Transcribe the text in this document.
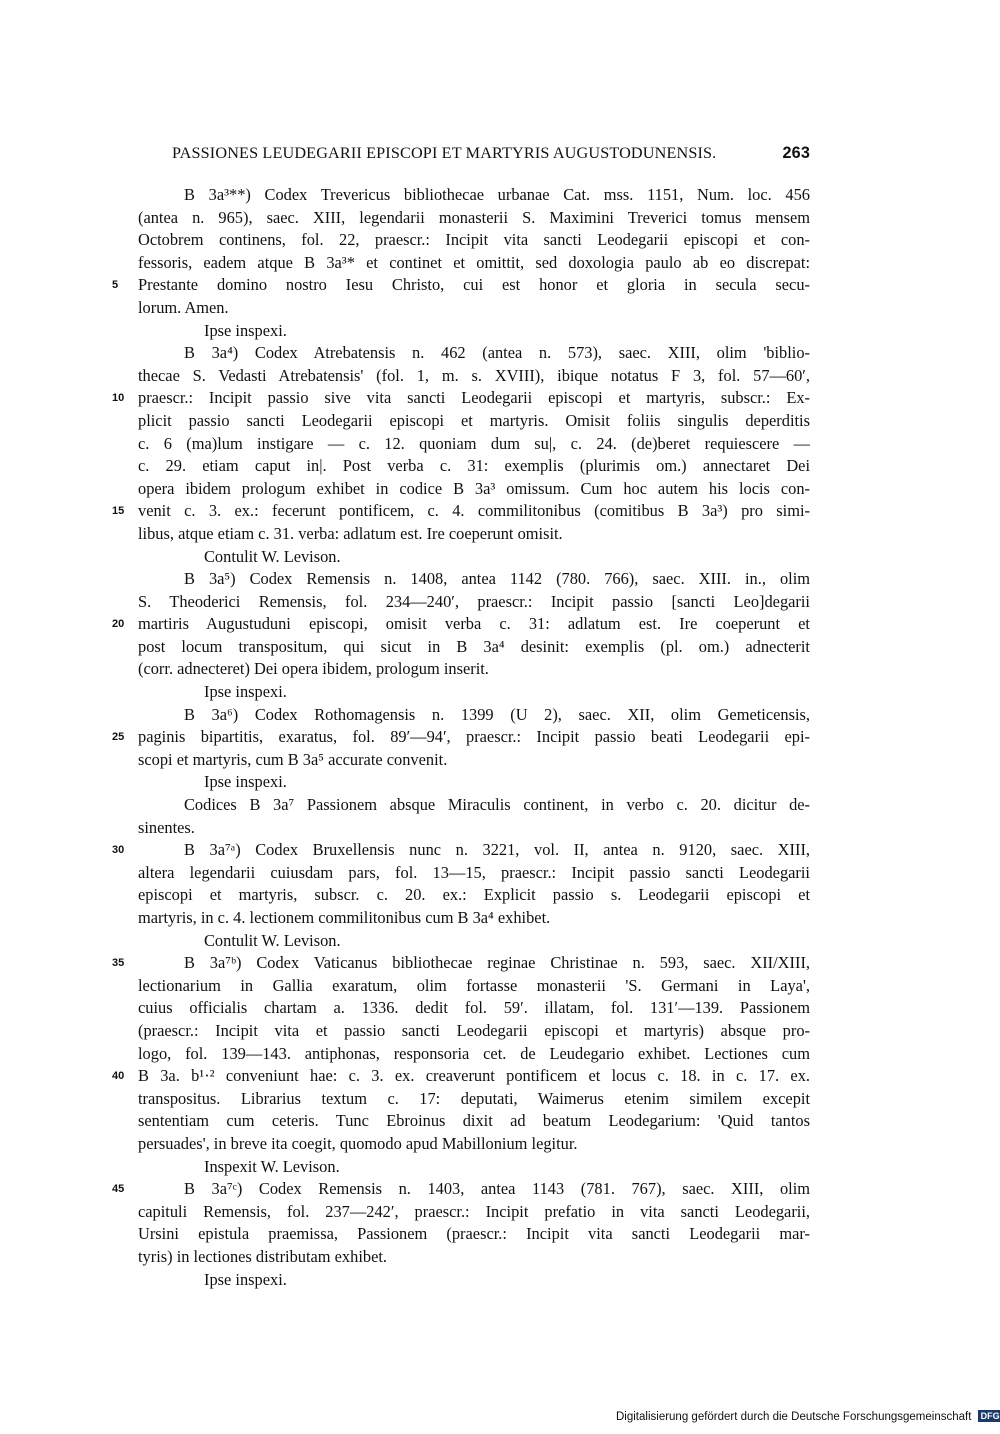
PASSIONES LEUDEGARII EPISCOPI ET MARTYRIS AUGUSTODUNENSIS.	263
B 3a³**) Codex Trevericus bibliothecae urbanae Cat. mss. 1151, Num. loc. 456
(antea n. 965), saec. XIII, legendarii monasterii S. Maximini Treverici tomus mensem
Octobrem continens, fol. 22, praescr.: Incipit vita sancti Leodegarii episcopi et con-
fessoris, eadem atque B 3a³* et continet et omittit, sed doxologia paulo ab eo discrepat:
5 Prestante domino nostro Iesu Christo, cui est honor et gloria in secula secu-
lorum. Amen.
Ipse inspexi.
B 3a⁴) Codex Atrebatensis n. 462 (antea n. 573), saec. XIII, olim 'biblio-
thecae S. Vedasti Atrebatensis' (fol. 1, m. s. XVIII), ibique notatus F 3, fol. 57—60′,
10 praescr.: Incipit passio sive vita sancti Leodegarii episcopi et martyris, subscr.: Ex-
plicit passio sancti Leodegarii episcopi et martyris. Omisit foliis singulis deperditis
c. 6 (ma)lum instigare — c. 12. quoniam dum su|, c. 24. (de)beret requiescere —
c. 29. etiam caput in|. Post verba c. 31: exemplis (plurimis om.) annectaret Dei
opera ibidem prologum exhibet in codice B 3a³ omissum. Cum hoc autem his locis con-
15 venit c. 3. ex.: fecerunt pontificem, c. 4. commilitonibus (comitibus B 3a³) pro simi-
libus, atque etiam c. 31. verba: adlatum est. Ire coeperunt omisit.
Contulit W. Levison.
B 3a⁵) Codex Remensis n. 1408, antea 1142 (780. 766), saec. XIII. in., olim
S. Theoderici Remensis, fol. 234—240′, praescr.: Incipit passio [sancti Leo]degarii
20 martiris Augustuduni episcopi, omisit verba c. 31: adlatum est. Ire coeperunt et
post locum transpositum, qui sicut in B 3a⁴ desinit: exemplis (pl. om.) adnecterit
(corr. adnecteret) Dei opera ibidem, prologum inserit.
Ipse inspexi.
B 3a⁶) Codex Rothomagensis n. 1399 (U 2), saec. XII, olim Gemeticensis,
25 paginis bipartitis, exaratus, fol. 89′—94′, praescr.: Incipit passio beati Leodegarii epi-
scopi et martyris, cum B 3a⁵ accurate convenit.
Ipse inspexi.
Codices B 3a⁷ Passionem absque Miraculis continent, in verbo c. 20. dicitur de-
sinentes.
30	B 3a⁷ᵃ) Codex Bruxellensis nunc n. 3221, vol. II, antea n. 9120, saec. XIII,
altera legendarii cuiusdam pars, fol. 13—15, praescr.: Incipit passio sancti Leodegarii
episcopi et martyris, subscr. c. 20. ex.: Explicit passio s. Leodegarii episcopi et
martyris, in c. 4. lectionem commilitonibus cum B 3a⁴ exhibet.
Contulit W. Levison.
35	B 3a⁷ᵇ) Codex Vaticanus bibliothecae reginae Christinae n. 593, saec. XII/XIII,
lectionarium in Gallia exaratum, olim fortasse monasterii 'S. Germani in Laya',
cuius officialis chartam a. 1336. dedit fol. 59′. illatam, fol. 131′—139. Passionem
(praescr.: Incipit vita et passio sancti Leodegarii episcopi et martyris) absque pro-
logo, fol. 139—143. antiphonas, responsoria cet. de Leudegario exhibet. Lectiones cum
40 B 3a. b¹·² conveniunt hae: c. 3. ex. creaverunt pontificem et locus c. 18. in c. 17. ex.
transpositus. Librarius textum c. 17: deputati, Waimerus etenim similem excepit
sententiam cum ceteris. Tunc Ebroinus dixit ad beatum Leodegarium: 'Quid tantos
persuades', in breve ita coegit, quomodo apud Mabillonium legitur.
Inspexit W. Levison.
45	B 3a⁷ᶜ) Codex Remensis n. 1403, antea 1143 (781. 767), saec. XIII, olim
capituli Remensis, fol. 237—242′, praescr.: Incipit prefatio in vita sancti Leodegarii,
Ursini epistula praemissa, Passionem (praescr.: Incipit vita sancti Leodegarii mar-
tyris) in lectiones distributam exhibet.
Ipse inspexi.
Digitalisierung gefördert durch die Deutsche Forschungsgemeinschaft DFG
